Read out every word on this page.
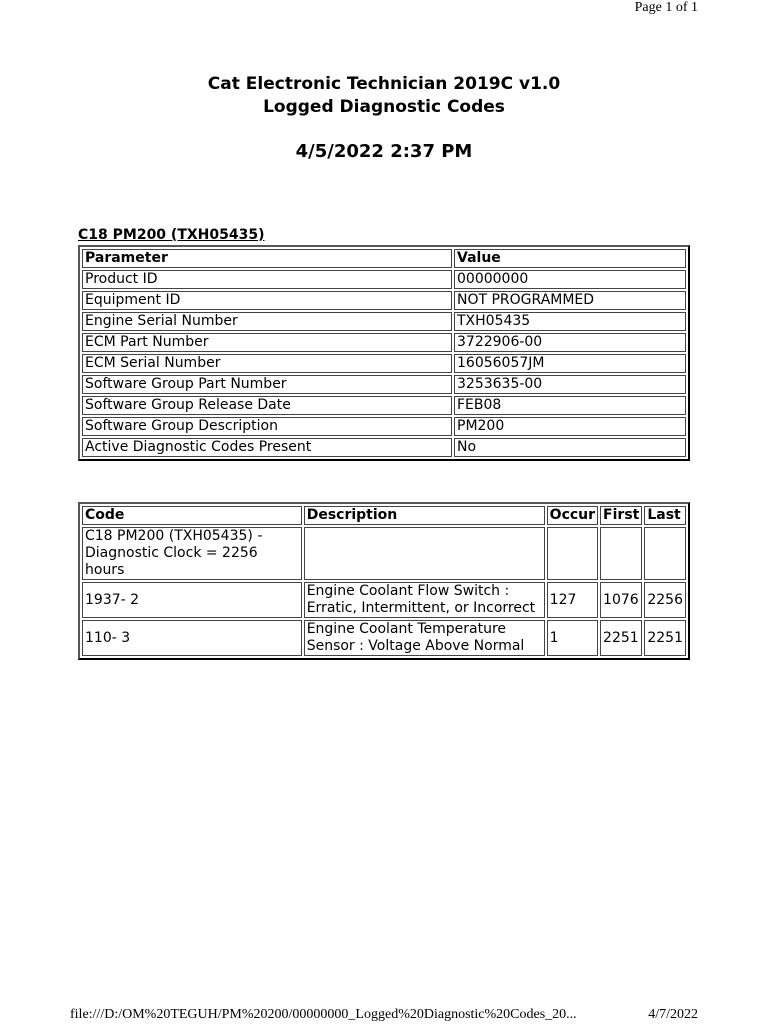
Page 1 of 1
Cat Electronic Technician 2019C v1.0
Logged Diagnostic Codes
4/5/2022 2:37 PM
C18 PM200 (TXH05435)
Parameter	Value
Product ID	00000000
Equipment ID	NOT PROGRAMMED
Engine Serial Number	TXH05435
ECM Part Number	3722906-00
ECM Serial Number	16056057JM
Software Group Part Number	3253635-00
Software Group Release Date	FEB08
Software Group Description	PM200
Active Diagnostic Codes Present	No
Code	Description	Occur	First	Last
C18 PM200 (TXH05435) - Diagnostic Clock = 2256 hours				
1937- 2	Engine Coolant Flow Switch : Erratic, Intermittent, or Incorrect	127	1076	2256
110- 3	Engine Coolant Temperature Sensor : Voltage Above Normal	1	2251	2251
file:///D:/OM%20TEGUH/PM%20200/00000000_Logged%20Diagnostic%20Codes_20...	4/7/2022
